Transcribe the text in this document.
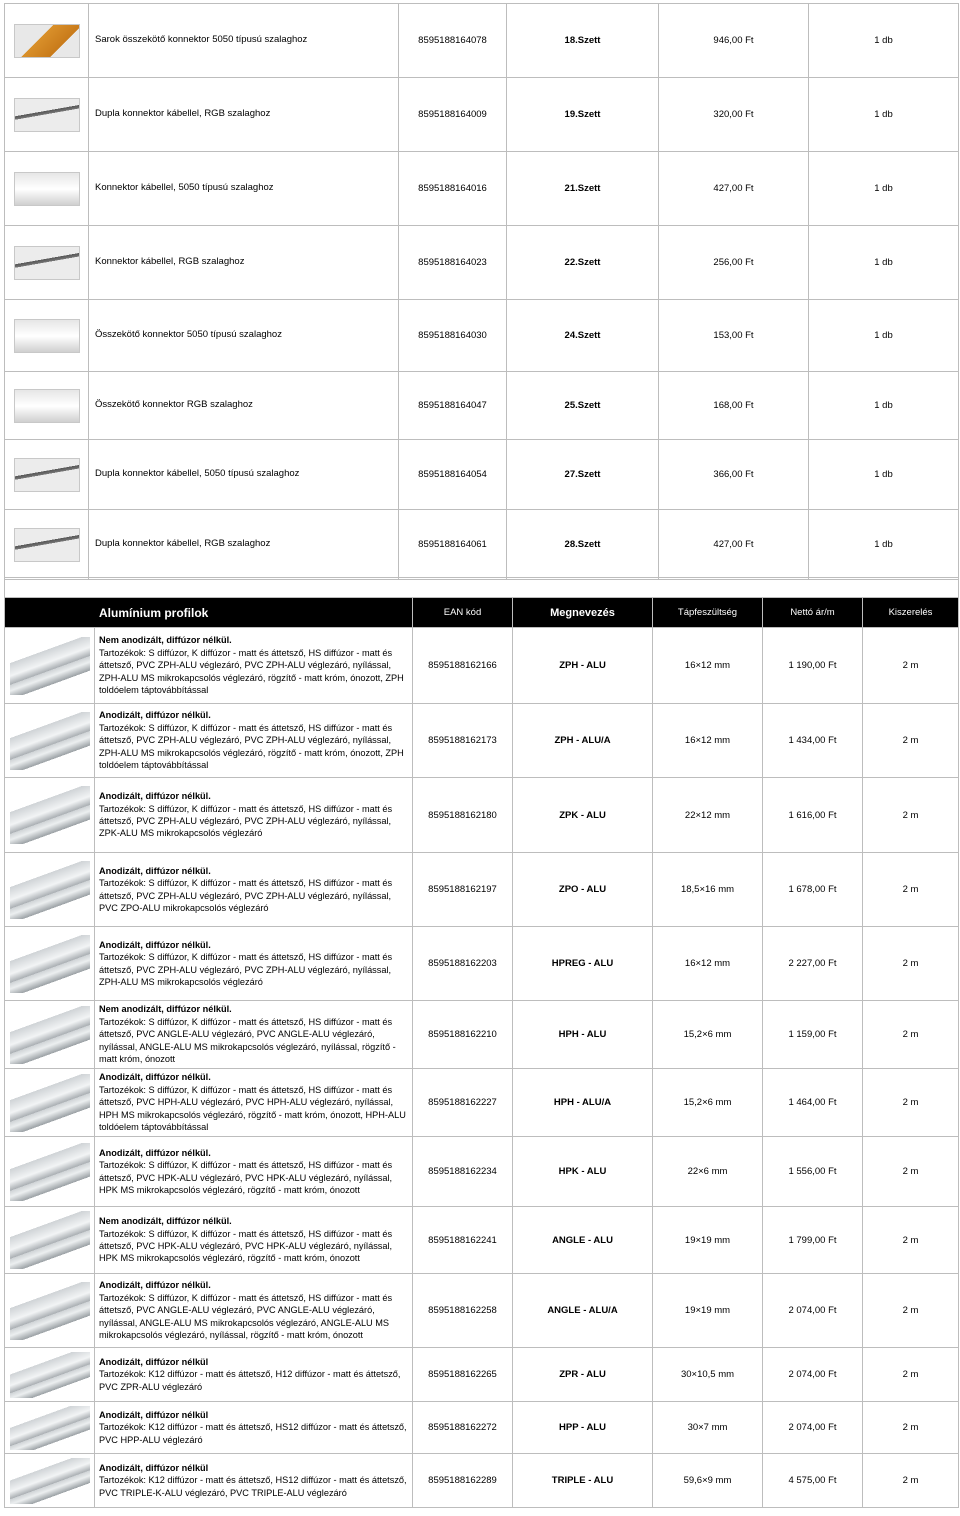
	Sarok összekötő konnektor 5050 típusú szalaghoz	8595188164078	18.Szett	946,00 Ft	1 db

	Dupla konnektor kábellel, RGB szalaghoz	8595188164009	19.Szett	320,00 Ft	1 db

	Konnektor kábellel, 5050 típusú szalaghoz	8595188164016	21.Szett	427,00 Ft	1 db

	Konnektor kábellel, RGB szalaghoz	8595188164023	22.Szett	256,00 Ft	1 db

	Összekötő konnektor 5050 típusú szalaghoz	8595188164030	24.Szett	153,00 Ft	1 db

	Összekötő konnektor RGB szalaghoz	8595188164047	25.Szett	168,00 Ft	1 db

	Dupla konnektor kábellel, 5050 típusú szalaghoz	8595188164054	27.Szett	366,00 Ft	1 db

	Dupla konnektor kábellel, RGB szalaghoz	8595188164061	28.Szett	427,00 Ft	1 db

Alumínium profilok		EAN kód	Megnevezés	Tápfeszültség	Nettó ár/m	Kiszerelés

	Nem anodizált, diffúzor nélkül.
Tartozékok: S diffúzor, K diffúzor - matt és áttetsző, HS diffúzor - matt és áttetsző, PVC ZPH-ALU véglezáró, PVC ZPH-ALU véglezáró, nyílással, ZPH-ALU MS mikrokapcsolós véglezáró, rögzítő - matt króm, ónozott, ZPH toldóelem táptovábbítással	8595188162166	ZPH - ALU	16×12 mm	1 190,00 Ft	2 m

	Anodizált, diffúzor nélkül.
Tartozékok: S diffúzor, K diffúzor - matt és áttetsző, HS diffúzor - matt és áttetsző, PVC ZPH-ALU véglezáró, PVC ZPH-ALU véglezáró, nyílással, ZPH-ALU MS mikrokapcsolós véglezáró, rögzítő - matt króm, ónozott, ZPH toldóelem táptovábbítással	8595188162173	ZPH - ALU/A	16×12 mm	1 434,00 Ft	2 m

	Anodizált, diffúzor nélkül.
Tartozékok: S diffúzor, K diffúzor - matt és áttetsző, HS diffúzor - matt és áttetsző, PVC ZPH-ALU véglezáró, PVC ZPH-ALU véglezáró, nyílással, ZPK-ALU MS mikrokapcsolós véglezáró	8595188162180	ZPK - ALU	22×12 mm	1 616,00 Ft	2 m

	Anodizált, diffúzor nélkül.
Tartozékok: S diffúzor, K diffúzor - matt és áttetsző, HS diffúzor - matt és áttetsző, PVC ZPH-ALU véglezáró, PVC ZPH-ALU véglezáró, nyílással, PVC ZPO-ALU mikrokapcsolós véglezáró	8595188162197	ZPO - ALU	18,5×16 mm	1 678,00 Ft	2 m

	Anodizált, diffúzor nélkül.
Tartozékok: S diffúzor, K diffúzor - matt és áttetsző, HS diffúzor - matt és áttetsző, PVC ZPH-ALU véglezáró, PVC ZPH-ALU véglezáró, nyílással, ZPH-ALU MS mikrokapcsolós véglezáró	8595188162203	HPREG - ALU	16×12 mm	2 227,00 Ft	2 m

	Nem anodizált, diffúzor nélkül.
Tartozékok: S diffúzor, K diffúzor - matt és áttetsző, HS diffúzor - matt és áttetsző, PVC ANGLE-ALU véglezáró, PVC ANGLE-ALU véglezáró, nyílással, ANGLE-ALU MS mikrokapcsolós véglezáró, nyílással, rögzítő - matt króm, ónozott	8595188162210	HPH - ALU	15,2×6 mm	1 159,00 Ft	2 m

	Anodizált, diffúzor nélkül.
Tartozékok: S diffúzor, K diffúzor - matt és áttetsző, HS diffúzor - matt és áttetsző, PVC HPH-ALU véglezáró, PVC HPH-ALU véglezáró, nyílással, HPH MS mikrokapcsolós véglezáró, rögzítő - matt króm, ónozott, HPH-ALU toldóelem táptovábbítással	8595188162227	HPH - ALU/A	15,2×6 mm	1 464,00 Ft	2 m

	Anodizált, diffúzor nélkül.
Tartozékok: S diffúzor, K diffúzor - matt és áttetsző, HS diffúzor - matt és áttetsző, PVC HPK-ALU véglezáró, PVC HPK-ALU véglezáró, nyílással, HPK MS mikrokapcsolós véglezáró, rögzítő - matt króm, ónozott	8595188162234	HPK - ALU	22×6 mm	1 556,00 Ft	2 m

	Nem anodizált, diffúzor nélkül.
Tartozékok: S diffúzor, K diffúzor - matt és áttetsző, HS diffúzor - matt és áttetsző, PVC HPK-ALU véglezáró, PVC HPK-ALU véglezáró, nyílással, HPK MS mikrokapcsolós véglezáró, rögzítő - matt króm, ónozott	8595188162241	ANGLE - ALU	19×19 mm	1 799,00 Ft	2 m

	Anodizált, diffúzor nélkül.
Tartozékok: S diffúzor, K diffúzor - matt és áttetsző, HS diffúzor - matt és áttetsző, PVC ANGLE-ALU véglezáró, PVC ANGLE-ALU véglezáró, nyílással, ANGLE-ALU MS mikrokapcsolós véglezáró, ANGLE-ALU MS mikrokapcsolós véglezáró, nyílással, rögzítő - matt króm, ónozott	8595188162258	ANGLE - ALU/A	19×19 mm	2 074,00 Ft	2 m

	Anodizált, diffúzor nélkül
Tartozékok: K12 diffúzor - matt és áttetsző, H12 diffúzor - matt és áttetsző, PVC ZPR-ALU véglezáró	8595188162265	ZPR - ALU	30×10,5 mm	2 074,00 Ft	2 m

	Anodizált, diffúzor nélkül
Tartozékok: K12 diffúzor - matt és áttetsző, HS12 diffúzor - matt és áttetsző, PVC HPP-ALU véglezáró	8595188162272	HPP - ALU	30×7 mm	2 074,00 Ft	2 m

	Anodizált, diffúzor nélkül
Tartozékok: K12 diffúzor - matt és áttetsző, HS12 diffúzor - matt és áttetsző, PVC TRIPLE-K-ALU véglezáró, PVC TRIPLE-ALU véglezáró	8595188162289	TRIPLE - ALU	59,6×9 mm	4 575,00 Ft	2 m
